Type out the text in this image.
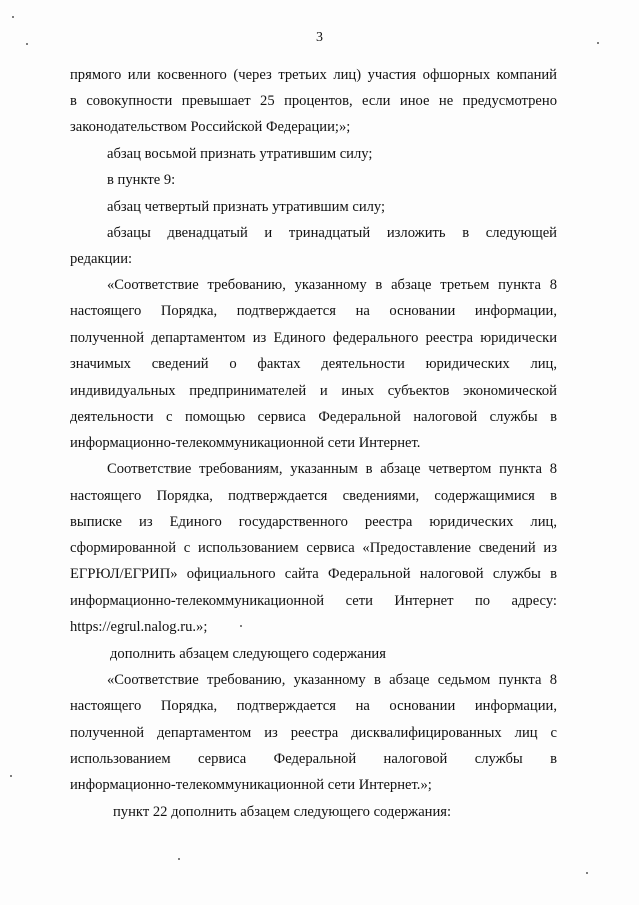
3
прямого или косвенного (через третьих лиц) участия офшорных компаний
в совокупности превышает 25 процентов, если иное не предусмотрено
законодательством Российской Федерации;»;
абзац восьмой признать утратившим силу;
в пункте 9:
абзац четвертый признать утратившим силу;
абзацы двенадцатый и тринадцатый изложить в следующей
редакции:
«Соответствие требованию, указанному в абзаце третьем пункта 8
настоящего Порядка, подтверждается на основании информации,
полученной департаментом из Единого федерального реестра юридически
значимых сведений о фактах деятельности юридических лиц,
индивидуальных предпринимателей и иных субъектов экономической
деятельности с помощью сервиса Федеральной налоговой службы в
информационно-телекоммуникационной сети Интернет.
Соответствие требованиям, указанным в абзаце четвертом пункта 8
настоящего Порядка, подтверждается сведениями, содержащимися в
выписке из Единого государственного реестра юридических лиц,
сформированной с использованием сервиса «Предоставление сведений из
ЕГРЮЛ/ЕГРИП» официального сайта Федеральной налоговой службы в
информационно-телекоммуникационной сети Интернет по адресу:
https://egrul.nalog.ru.»;
дополнить абзацем следующего содержания
«Соответствие требованию, указанному в абзаце седьмом пункта 8
настоящего Порядка, подтверждается на основании информации,
полученной департаментом из реестра дисквалифицированных лиц с
использованием сервиса Федеральной налоговой службы в
информационно-телекоммуникационной сети Интернет.»;
пункт 22 дополнить абзацем следующего содержания:
